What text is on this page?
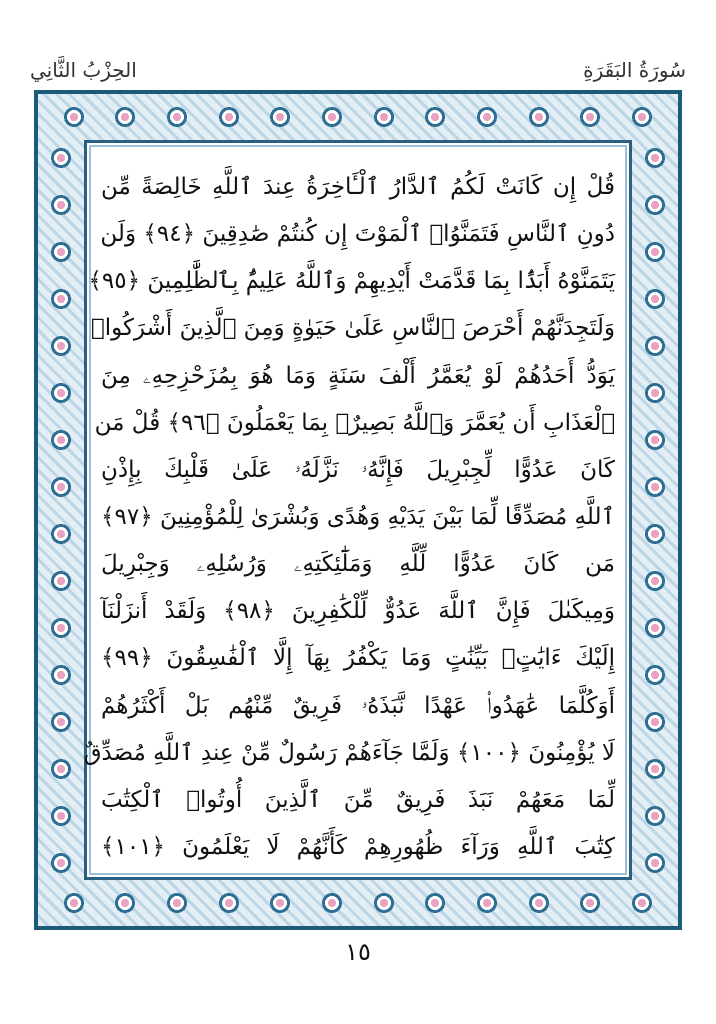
الحِزْبُ الثَّانِي	سُورَةُ البَقَرَةِ
قُلْ إِن كَانَتْ لَكُمُ ٱلدَّارُ ٱلْـَٔاخِرَةُ عِندَ ٱللَّهِ خَالِصَةً مِّن
دُونِ ٱلنَّاسِ فَتَمَنَّوُا۟ ٱلْمَوْتَ إِن كُنتُمْ صَٰدِقِينَ ﴿٩٤﴾ وَلَن
يَتَمَنَّوْهُ أَبَدًۢا بِمَا قَدَّمَتْ أَيْدِيهِمْ وَٱللَّهُ عَلِيمٌۢ بِٱلظَّٰلِمِينَ ﴿٩٥﴾
وَلَتَجِدَنَّهُمْ أَحْرَصَ ٱلنَّاسِ عَلَىٰ حَيَوٰةٍ وَمِنَ ٱلَّذِينَ أَشْرَكُوا۟
يَوَدُّ أَحَدُهُمْ لَوْ يُعَمَّرُ أَلْفَ سَنَةٍ وَمَا هُوَ بِمُزَحْزِحِهِۦ مِنَ
ٱلْعَذَابِ أَن يُعَمَّرَ وَٱللَّهُ بَصِيرٌۢ بِمَا يَعْمَلُونَ ﴿٩٦﴾ قُلْ مَن
كَانَ عَدُوًّا لِّجِبْرِيلَ فَإِنَّهُۥ نَزَّلَهُۥ عَلَىٰ قَلْبِكَ بِإِذْنِ
ٱللَّهِ مُصَدِّقًا لِّمَا بَيْنَ يَدَيْهِ وَهُدًى وَبُشْرَىٰ لِلْمُؤْمِنِينَ ﴿٩٧﴾
مَن كَانَ عَدُوًّا لِّلَّهِ وَمَلَٰٓئِكَتِهِۦ وَرُسُلِهِۦ وَجِبْرِيلَ
وَمِيكَىٰلَ فَإِنَّ ٱللَّهَ عَدُوٌّ لِّلْكَٰفِرِينَ ﴿٩٨﴾ وَلَقَدْ أَنزَلْنَآ
إِلَيْكَ ءَايَٰتٍۭ بَيِّنَٰتٍ وَمَا يَكْفُرُ بِهَآ إِلَّا ٱلْفَٰسِقُونَ ﴿٩٩﴾
أَوَكُلَّمَا عَٰهَدُوا۟ عَهْدًا نَّبَذَهُۥ فَرِيقٌ مِّنْهُم بَلْ أَكْثَرُهُمْ
لَا يُؤْمِنُونَ ﴿١٠٠﴾ وَلَمَّا جَآءَهُمْ رَسُولٌ مِّنْ عِندِ ٱللَّهِ مُصَدِّقٌ
لِّمَا مَعَهُمْ نَبَذَ فَرِيقٌ مِّنَ ٱلَّذِينَ أُوتُوا۟ ٱلْكِتَٰبَ
كِتَٰبَ ٱللَّهِ وَرَآءَ ظُهُورِهِمْ كَأَنَّهُمْ لَا يَعْلَمُونَ ﴿١٠١﴾
١٥
